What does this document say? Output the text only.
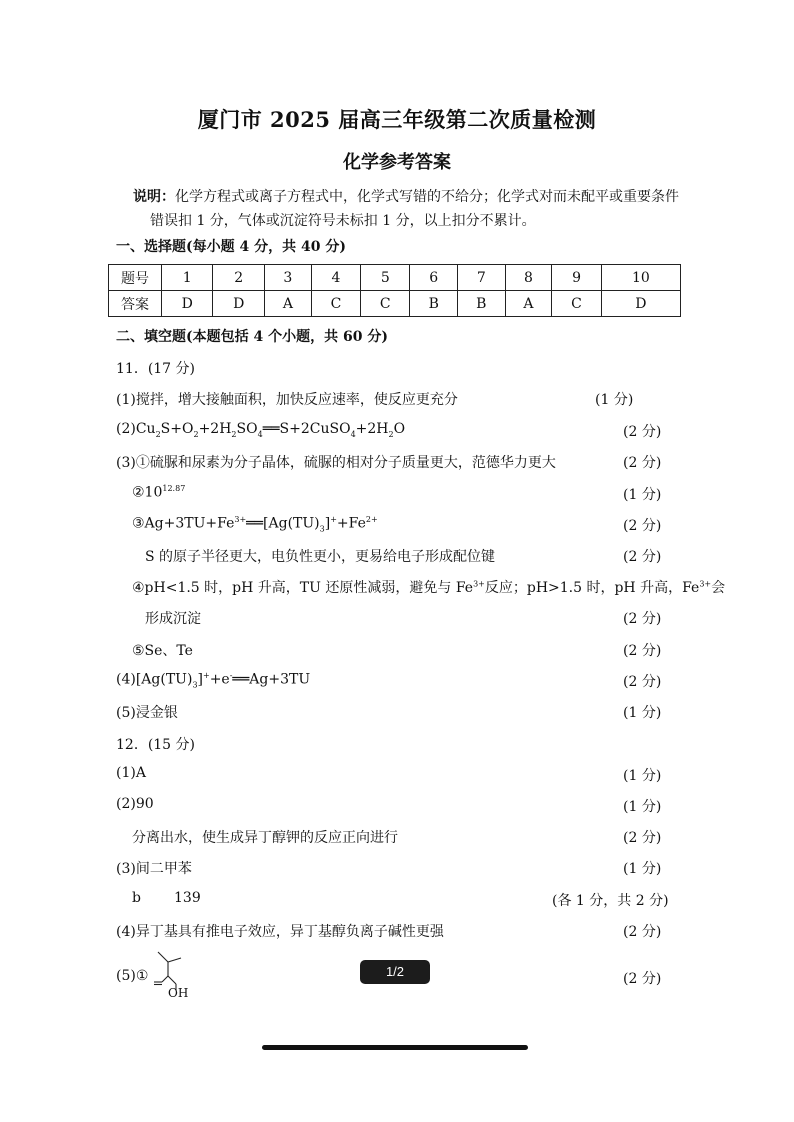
厦门市 2025 届高三年级第二次质量检测
化学参考答案
说明：化学方程式或离子方程式中，化学式写错的不给分；化学式对而未配平或重要条件
错误扣 1 分，气体或沉淀符号未标扣 1 分，以上扣分不累计。
一、选择题(每小题 4 分，共 40 分)
题号	1	2	3	4	5	6	7	8	9	10
答案	D	D	A	C	C	B	B	A	C	D
二、填空题(本题包括 4 个小题，共 60 分)
11．(17 分)
(1)搅拌，增大接触面积，加快反应速率，使反应更充分	(1 分)
$(2)Cu_2S+O_2+2H_2SO_4══S+2CuSO_4+2H_2O$	(2 分)
(3)①硫脲和尿素为分子晶体，硫脲的相对分子质量更大，范德华力更大	(2 分)
$②10^{12.87}$	(1 分)
$③Ag+3TU+Fe^{3+}══[Ag(TU)_3]^++Fe^{2+}$	(2 分)
S 的原子半径更大，电负性更小，更易给电子形成配位键	(2 分)
④pH<1.5 时，pH 升高，TU 还原性减弱，避免与 $Fe^{3+}$反应；pH>1.5 时，pH 升高，$Fe^{3+}$会
形成沉淀	(2 分)
⑤Se、Te	(2 分)
$(4)[Ag(TU)_3]^++e^-══Ag+3TU$	(2 分)
(5)浸金银	(1 分)
12．(15 分)
(1)A	(1 分)
(2)90	(1 分)
分离出水，使生成异丁醇钾的反应正向进行	(2 分)
(3)间二甲苯	(1 分)
b 139	(各 1 分，共 2 分)
(4)异丁基具有推电子效应，异丁基醇负离子碱性更强	(2 分)
(5)①
OH
(2 分)
1/2
